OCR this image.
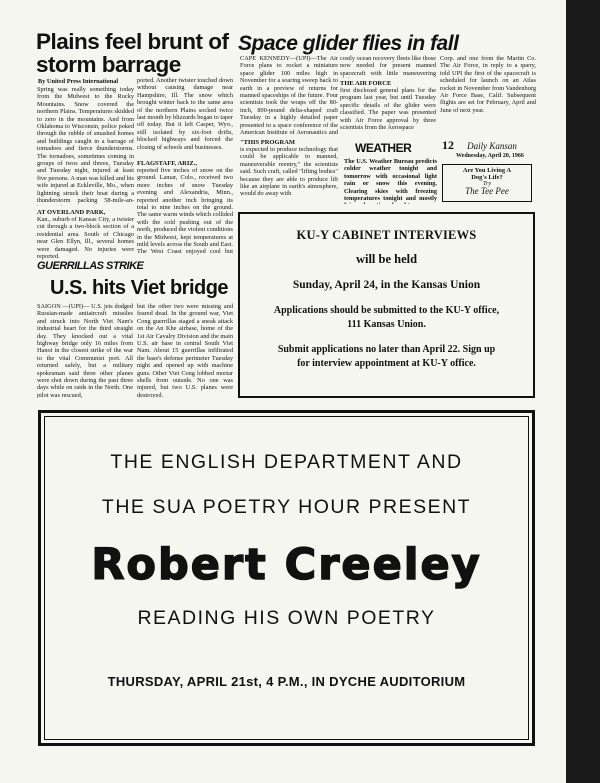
Plains feel brunt of storm barrage
By United Press International
Spring was really something today from the Midwest to the Rocky Mountains. Snow covered the northern Plains. Temperatures skidded to zero in the mountains. And from Oklahoma to Wisconsin, police poked through the rubble of smashed homes and buildings caught in a barrage of tornadoes and fierce thunderstorms. The tornadoes, sometimes coming in groups of twos and threes, Tuesday and Tuesday night, injured at least five persons. A man was killed and his wife injured at Eckleville, Mo., when lightning struck their boat during a thunderstorm packing 58-mile-an-
AT OVERLAND PARK,
Kan., suburb of Kansas City, a twister cut through a two-block section of a residential area. South of Chicago near Glen Ellyn, Ill., several homes were damaged. No injuries were reported.
ported. Another twister touched down without causing damage near Hampshire, Ill. The snow which brought winter back to the same area of the northern Plains socked twice last month by blizzards began to taper off today. But it left Casper, Wyo., still isolated by six-foot drifts, blocked highways and forced the closing of schools and businesses.
FLAGSTAFF, ARIZ.,
reported five inches of snow on the ground. Lamar, Colo., received two more inches of snow Tuesday evening and Alexandria, Minn., reported another inch bringing its total to nine inches on the ground. The same warm winds which collided with the cold pushing out of the north, produced the violent conditions in the Midwest, kept temperatures at mild levels across the South and East. The West Coast enjoyed cool but
GUERRILLAS STRIKE
U.S. hits Viet bridge
SAIGON —(UPI)— U.S. jets dodged Russian-made antiaircraft missiles and struck into North Viet Nam's industrial heart for the third straight day. They knocked out a vital highway bridge only 16 miles from Hanoi in the closest strike of the war to the vital Communist port. All returned safely, but a military spokesman said three other planes were shot down during the past three days while on raids in the North. One pilot was rescued,
but the other two were missing and feared dead. In the ground war, Viet Cong guerrillas staged a sneak attack on the An Khe airbase, home of the 1st Air Cavalry Division and the main U.S. air base in central South Viet Nam. About 15 guerrillas infiltrated the base's defense perimeter Tuesday night and opened up with machine guns. Other Viet Cong lobbed mortar shells from outside. No one was injured, but two U.S. planes were destroyed.
Space glider flies in fall
CAPE KENNEDY—(UPI)—The Air Force plans to rocket a miniature space glider 100 miles high in November for a soaring sweep back to earth in a preview of returns for manned spaceships of the future. Four scientists took the wraps off the 80-inch, 890-pound delta-shaped craft Tuesday in a highly detailed paper presented to a space conference of the American Institute of Aeronautics and
"THIS PROGRAM
is expected to produce technology that could be applicable to manned, maneuverable reentry," the scientists said. Such craft, called "lifting bodies" because they are able to produce lift like an airplane in earth's atmosphere, would do away with
costly ocean recovery fleets like those now needed for present manned spacecraft with little maneuvering
THE AIR FORCE
first disclosed general plans for the program last year, but until Tuesday specific details of the glider were classified. The paper was presented with Air Force approval by three scientists from the Aerospace
Corp. and one from the Martin Co. The Air Force, in reply to a query, told UPI the first of the spacecraft is scheduled for launch on an Atlas rocket in November from Vandenburg Air Force Base, Calif. Subsequent flights are set for February, April and June of next year.
WEATHER
The U.S. Weather Bureau predicts colder weather tonight and tomorrow with occasional light rain or snow this evening. Clearing skies with freezing temperatures tonight and mostly
12 Daily Kansan
Wednesday, April 20, 1966
Are You Living A
Dog's Life?
Try
The Tee Pee
KU-Y CABINET INTERVIEWS
will be held
Sunday, April 24, in the Kansas Union
Applications should be submitted to the KU-Y office,
111 Kansas Union.
Submit applications no later than April 22. Sign up
for interview appointment at KU-Y office.
THE ENGLISH DEPARTMENT AND
THE SUA POETRY HOUR PRESENT
Robert Creeley
READING HIS OWN POETRY
THURSDAY, APRIL 21st, 4 P.M., IN DYCHE AUDITORIUM
